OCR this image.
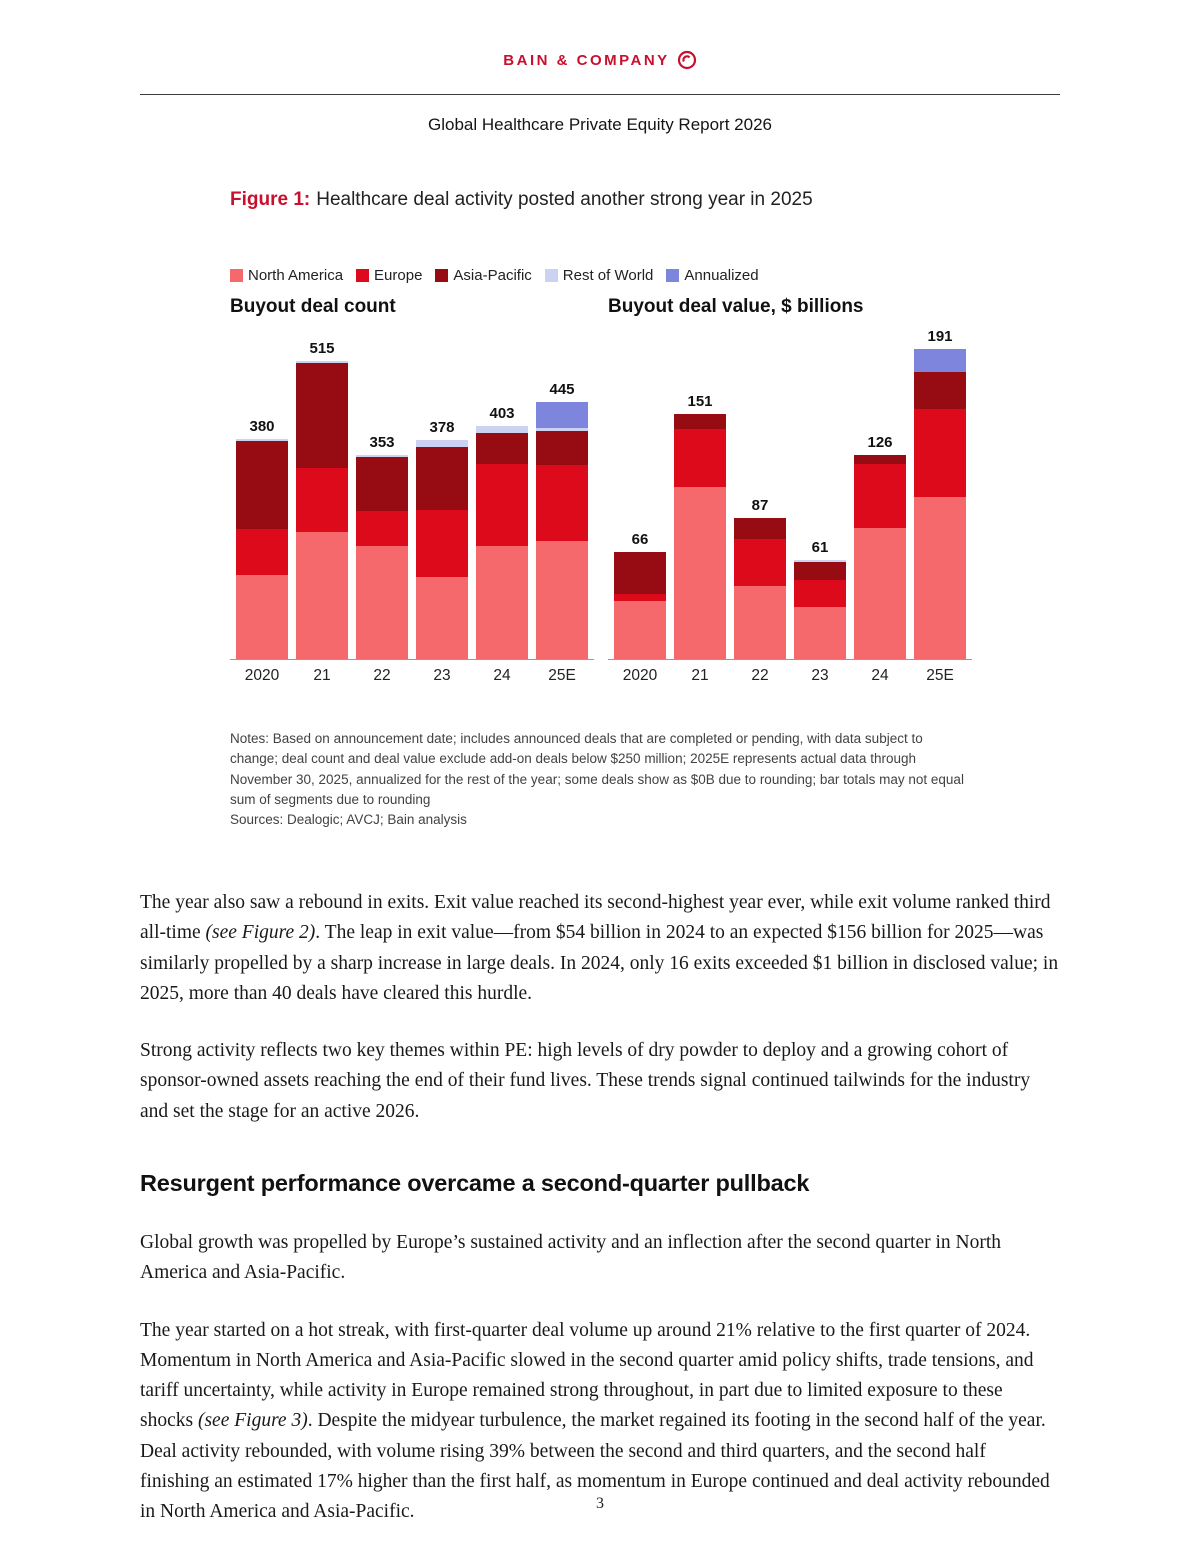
BAIN & COMPANY
Global Healthcare Private Equity Report 2026
Figure 1: Healthcare deal activity posted another strong year in 2025
North America Europe Asia-Pacific Rest of World Annualized
Buyout deal count
380
515
353
378
403
445
2020	21	22	23	24	25E
Buyout deal value, $ billions
66
151
87
61
126
191
2020	21	22	23	24	25E

Notes: Based on announcement date; includes announced deals that are completed or pending, with data subject to change; deal count and deal value exclude add-on deals below $250 million; 2025E represents actual data through November 30, 2025, annualized for the rest of the year; some deals show as $0B due to rounding; bar totals may not equal sum of segments due to rounding

Sources: Dealogic; AVCJ; Bain analysis

The year also saw a rebound in exits. Exit value reached its second-highest year ever, while exit volume ranked third all-time (see Figure 2). The leap in exit value—from $54 billion in 2024 to an expected $156 billion for 2025—was similarly propelled by a sharp increase in large deals. In 2024, only 16 exits exceeded $1 billion in disclosed value; in 2025, more than 40 deals have cleared this hurdle.

Strong activity reflects two key themes within PE: high levels of dry powder to deploy and a growing cohort of sponsor-owned assets reaching the end of their fund lives. These trends signal continued tailwinds for the industry and set the stage for an active 2026.

Resurgent performance overcame a second-quarter pullback

Global growth was propelled by Europe’s sustained activity and an inflection after the second quarter in North America and Asia-Pacific.

The year started on a hot streak, with first-quarter deal volume up around 21% relative to the first quarter of 2024. Momentum in North America and Asia-Pacific slowed in the second quarter amid policy shifts, trade tensions, and tariff uncertainty, while activity in Europe remained strong throughout, in part due to limited exposure to these shocks (see Figure 3). Despite the midyear turbulence, the market regained its footing in the second half of the year. Deal activity rebounded, with volume rising 39% between the second and third quarters, and the second half finishing an estimated 17% higher than the first half, as momentum in Europe continued and deal activity rebounded in North America and Asia-Pacific.	3
